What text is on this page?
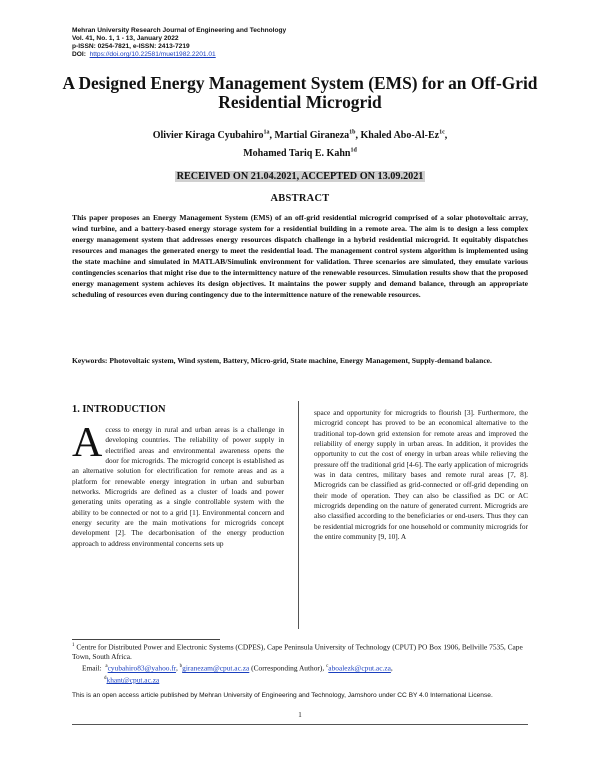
Mehran University Research Journal of Engineering and Technology
Vol. 41, No. 1, 1 - 13, January 2022
p-ISSN: 0254-7821, e-ISSN: 2413-7219
DOI: https://doi.org/10.22581/muet1982.2201.01
A Designed Energy Management System (EMS) for an Off-Grid Residential Microgrid
Olivier Kiraga Cyubahiro$^{1a}$, Martial Giraneza$^{1b}$, Khaled Abo-$Al-Ez^{1c}$,
Mohamed Tariq E. Kahn$^{1d}$
RECEIVED ON 21.04.2021, ACCEPTED ON 13.09.2021
ABSTRACT
This paper proposes an Energy Management System (EMS) of an off-grid residential microgrid comprised of a solar photovoltaic array, wind turbine, and a battery-based energy storage system for a residential building in a remote area. The aim is to design a less complex energy management system that addresses energy resources dispatch challenge in a hybrid residential microgrid. It equitably dispatches resources and manages the generated energy to meet the residential load. The management control system algorithm is implemented using the state machine and simulated in MATLAB/Simulink environment for validation. Three scenarios are simulated, they emulate various contingencies scenarios that might rise due to the intermittency nature of the renewable resources. Simulation results show that the proposed energy management system achieves its design objectives. It maintains the power supply and demand balance, through an appropriate scheduling of resources even during contingency due to the intermittence nature of the renewable resources.
Keywords: Photovoltaic system, Wind system, Battery, Micro-grid, State machine, Energy Management, Supply-demand balance.
1. INTRODUCTION
Access to energy in rural and urban areas is a challenge in developing countries. The reliability of power supply in electrified areas and environmental awareness opens the door for microgrids. The microgrid concept is established as an alternative solution for electrification for remote areas and as a platform for renewable energy integration in urban and suburban networks. Microgrids are defined as a cluster of loads and power generating units operating as a single controllable system with the ability to be connected or not to a grid [1]. Environmental concern and energy security are the main motivations for microgrids concept development [2]. The decarbonisation of the energy production approach to address environmental concerns sets up
space and opportunity for microgrids to flourish [3]. Furthermore, the microgrid concept has proved to be an economical alternative to the traditional top-down grid extension for remote areas and improved the reliability of energy supply in urban areas. In addition, it provides the opportunity to cut the cost of energy in urban areas while relieving the pressure off the traditional grid [4-6]. The early application of microgrids was in data centres, military bases and remote rural areas [7, 8]. Microgrids can be classified as grid-connected or off-grid depending on their mode of operation. They can also be classified as DC or AC microgrids depending on the nature of generated current. Microgrids are also classified according to the beneficiaries or end-users. Thus they can be residential microgrids for one household or community microgrids for the entire community [9, 10]. A
$^1$ Centre for Distributed Power and Electronic Systems (CDPES), Cape Peninsula University of Technology (CPUT) PO Box 1906, Bellville 7535, Cape Town, South Africa.
Email: $^a$cyubahiro83@yahoo.fr, $^b$giranezam@cput.ac.za (Corresponding Author), $^c$aboalezk@cput.ac.za,
$^d$khant@cput.ac.za
This is an open access article published by Mehran University of Engineering and Technology, Jamshoro under CC BY 4.0 International License.
1
